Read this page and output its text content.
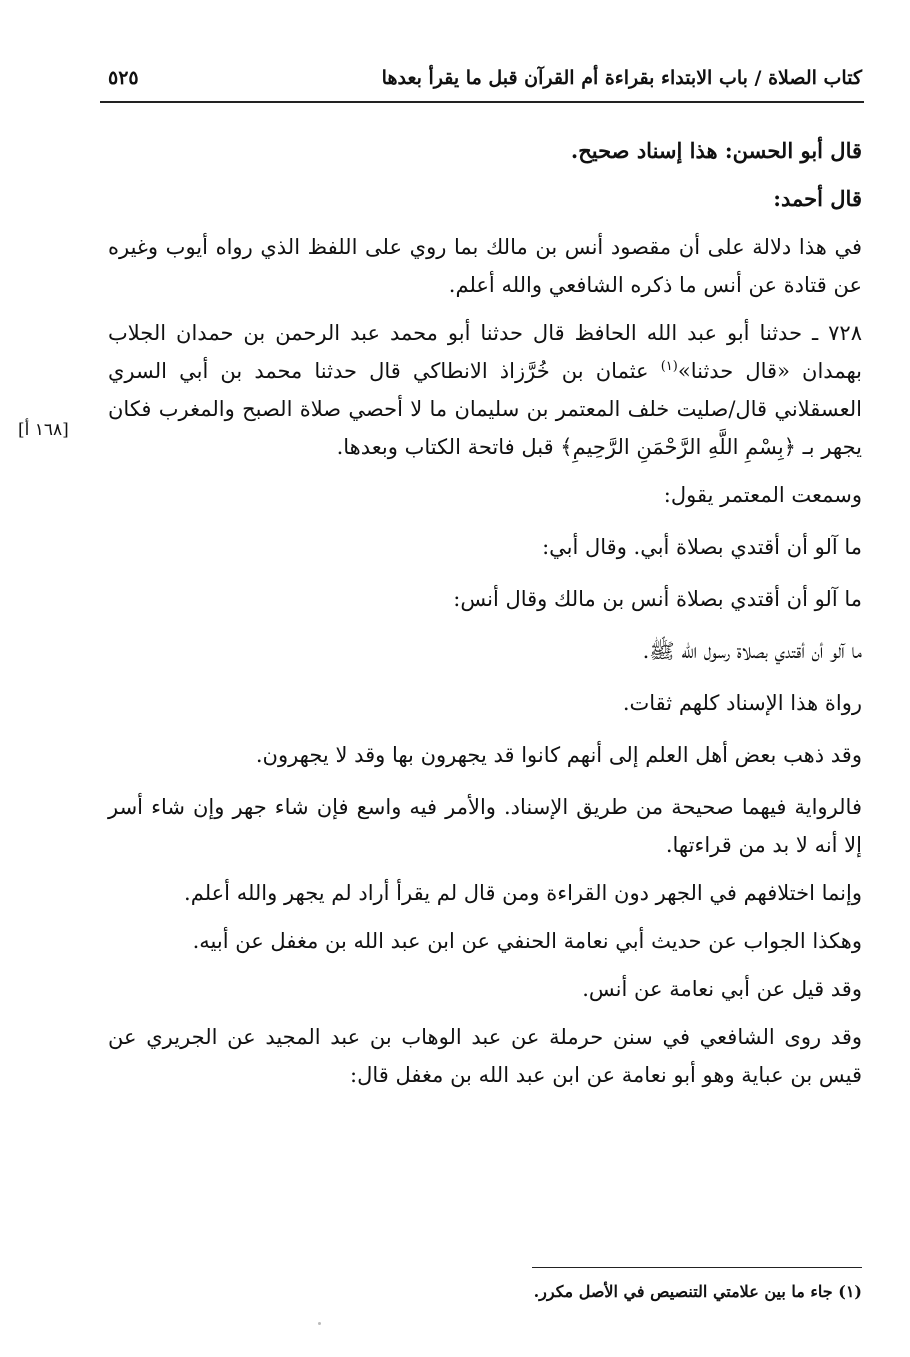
كتاب الصلاة / باب الابتداء بقراءة أم القرآن قبل ما يقرأ بعدها
٥٢٥
[١٦٨ أ]

قال أبو الحسن: هذا إسناد صحيح.

قال أحمد:

في هذا دلالة على أن مقصود أنس بن مالك بما روي على اللفظ الذي رواه أيوب وغيره عن قتادة عن أنس ما ذكره الشافعي والله أعلم.

٧٢٨ ـ حدثنا أبو عبد الله الحافظ قال حدثنا أبو محمد عبد الرحمن بن حمدان الجلاب بهمدان «قال حدثنا»$^{(١)}$ عثمان بن خُرَّزاذ الانطاكي قال حدثنا محمد بن أبي السري العسقلاني قال/صليت خلف المعتمر بن سليمان ما لا أحصي صلاة الصبح والمغرب فكان يجهر بـ ﴿بِسْمِ اللَّهِ الرَّحْمَنِ الرَّحِيمِ﴾ قبل فاتحة الكتاب وبعدها.

وسمعت المعتمر يقول:

ما آلو أن أقتدي بصلاة أبي. وقال أبي:

ما آلو أن أقتدي بصلاة أنس بن مالك وقال أنس:

ما آلو أن أقتدي بصلاة رسول الله ﷺ.

رواة هذا الإسناد كلهم ثقات.

وقد ذهب بعض أهل العلم إلى أنهم كانوا قد يجهرون بها وقد لا يجهرون.

فالرواية فيهما صحيحة من طريق الإسناد. والأمر فيه واسع فإن شاء جهر وإن شاء أسر إلا أنه لا بد من قراءتها.

وإنما اختلافهم في الجهر دون القراءة ومن قال لم يقرأ أراد لم يجهر والله أعلم.

وهكذا الجواب عن حديث أبي نعامة الحنفي عن ابن عبد الله بن مغفل عن أبيه.

وقد قيل عن أبي نعامة عن أنس.

وقد روى الشافعي في سنن حرملة عن عبد الوهاب بن عبد المجيد عن الجريري عن قيس بن عباية وهو أبو نعامة عن ابن عبد الله بن مغفل قال:

(١) جاء ما بين علامتي التنصيص في الأصل مكرر.
